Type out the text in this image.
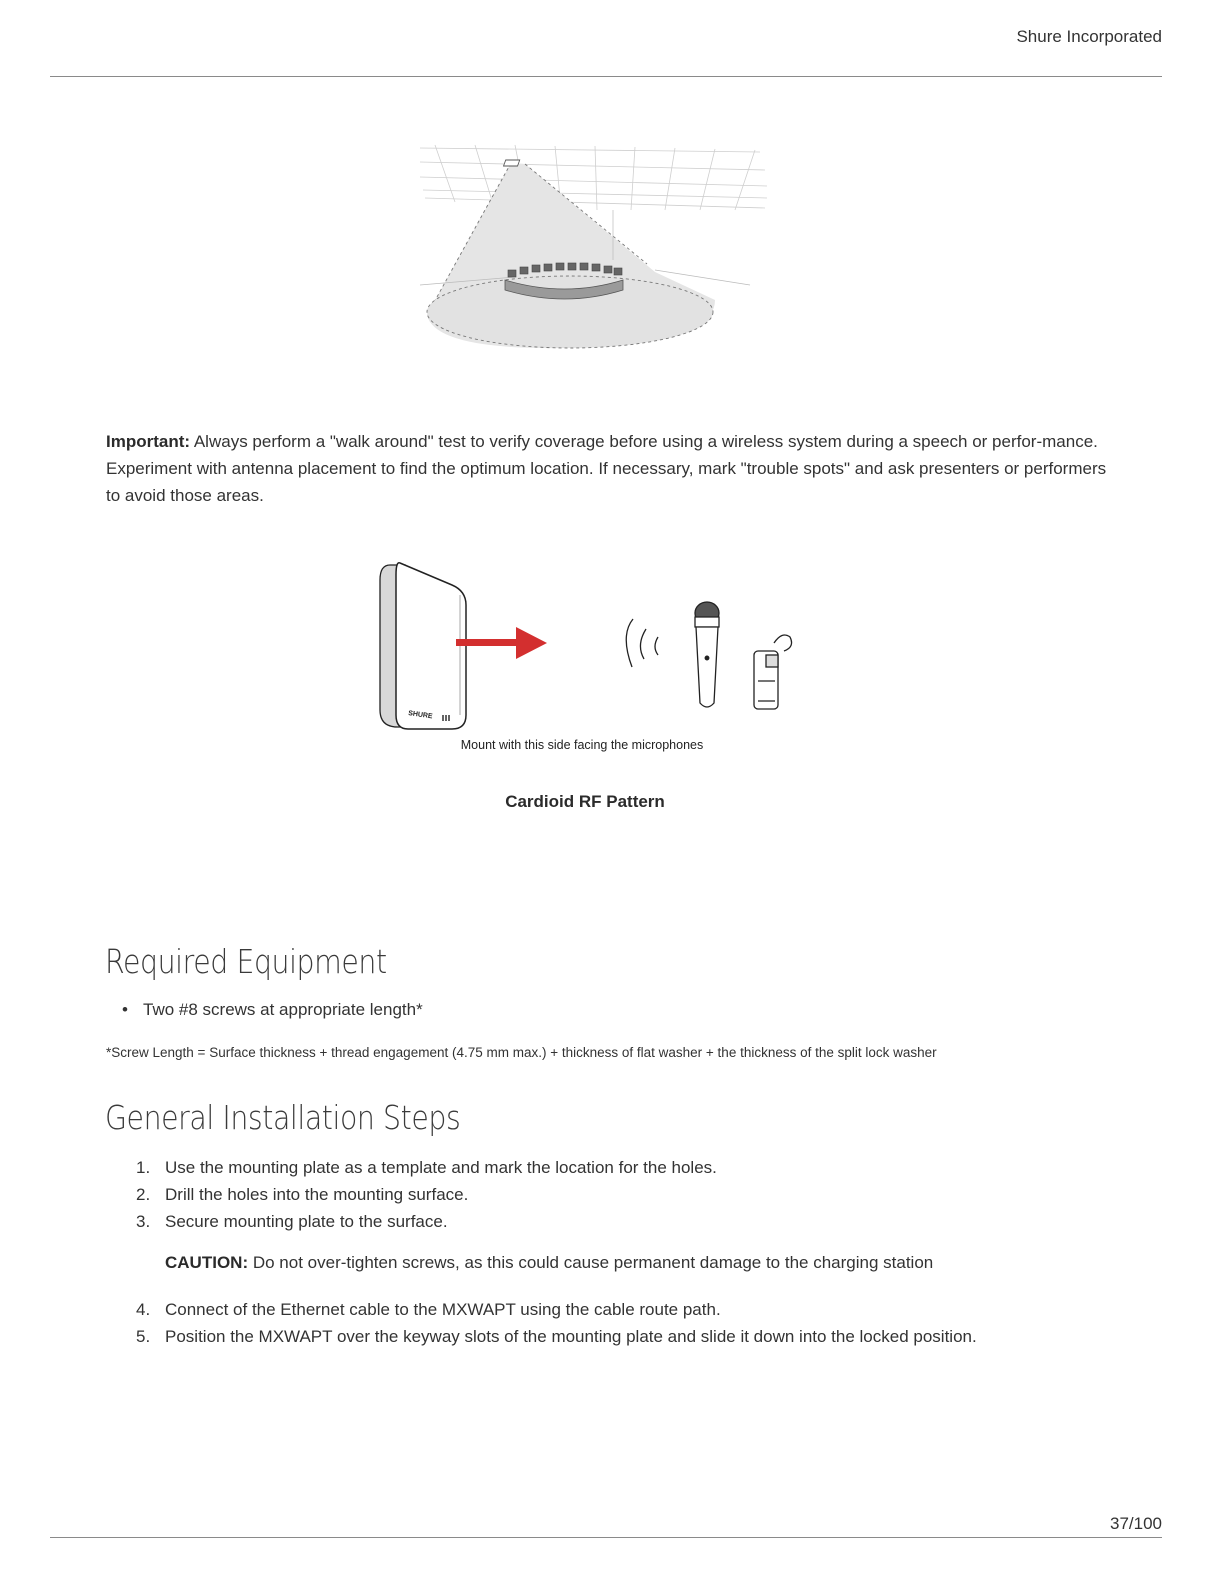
Shure Incorporated
Important: Always perform a "walk around" test to verify coverage before using a wireless system during a speech or perfor-mance. Experiment with antenna placement to find the optimum location. If necessary, mark "trouble spots" and ask presenters or performers to avoid those areas.
SHURE
Mount with this side facing the microphones
Cardioid RF Pattern
Required Equipment
• Two #8 screws at appropriate length*
*Screw Length = Surface thickness + thread engagement (4.75 mm max.) + thickness of flat washer + the thickness of the split lock washer
General Installation Steps
1. Use the mounting plate as a template and mark the location for the holes.
2. Drill the holes into the mounting surface.
3. Secure mounting plate to the surface.
CAUTION: Do not over-tighten screws, as this could cause permanent damage to the charging station
4. Connect of the Ethernet cable to the MXWAPT using the cable route path.
5. Position the MXWAPT over the keyway slots of the mounting plate and slide it down into the locked position.
37/100
